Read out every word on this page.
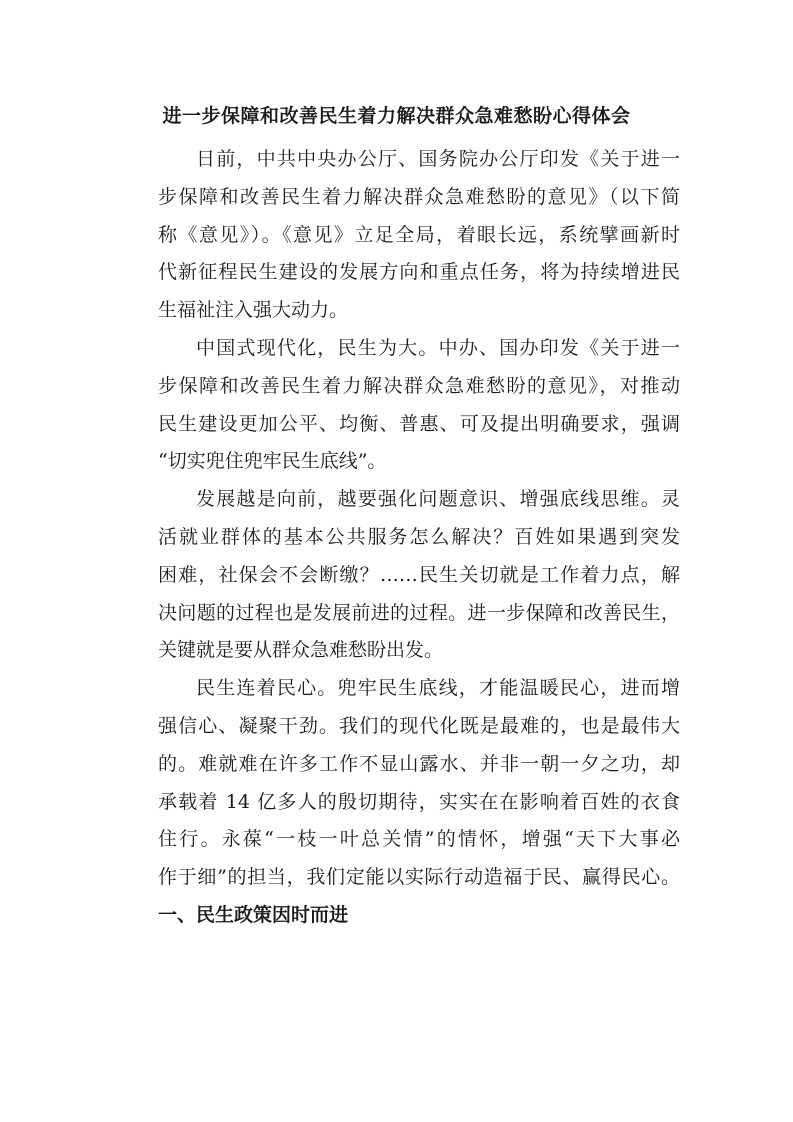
进一步保障和改善民生着力解决群众急难愁盼心得体会
日前，中共中央办公厅、国务院办公厅印发《关于进一
步保障和改善民生着力解决群众急难愁盼的意见》（以下简
称《意见》）。《意见》立足全局，着眼长远，系统擘画新时
代新征程民生建设的发展方向和重点任务，将为持续增进民
生福祉注入强大动力。
中国式现代化，民生为大。中办、国办印发《关于进一
步保障和改善民生着力解决群众急难愁盼的意见》，对推动
民生建设更加公平、均衡、普惠、可及提出明确要求，强调
“切实兜住兜牢民生底线”。
发展越是向前，越要强化问题意识、增强底线思维。灵
活就业群体的基本公共服务怎么解决？百姓如果遇到突发
困难，社保会不会断缴？……民生关切就是工作着力点，解
决问题的过程也是发展前进的过程。进一步保障和改善民生，
关键就是要从群众急难愁盼出发。
民生连着民心。兜牢民生底线，才能温暖民心，进而增
强信心、凝聚干劲。我们的现代化既是最难的，也是最伟大
的。难就难在许多工作不显山露水、并非一朝一夕之功，却
承载着 14 亿多人的殷切期待，实实在在影响着百姓的衣食
住行。永葆“一枝一叶总关情”的情怀，增强“天下大事必
作于细”的担当，我们定能以实际行动造福于民、赢得民心。
一、民生政策因时而进
